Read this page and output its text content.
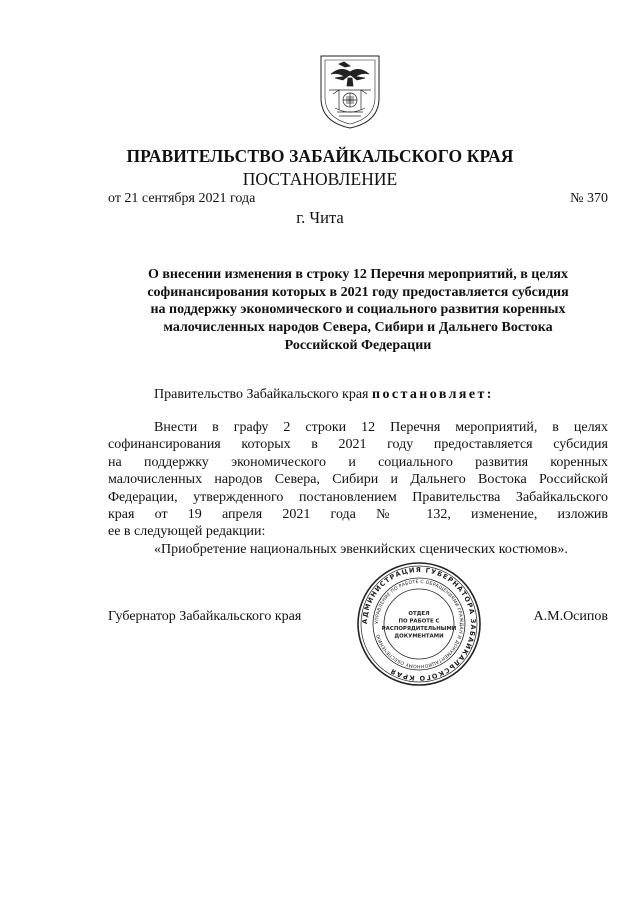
ПРАВИТЕЛЬСТВО ЗАБАЙКАЛЬСКОГО КРАЯ
ПОСТАНОВЛЕНИЕ
от 21 сентября 2021 года	№ 370
г. Чита
О внесении изменения в строку 12 Перечня мероприятий, в целях
софинансирования которых в 2021 году предоставляется субсидия
на поддержку экономического и социального развития коренных
малочисленных народов Севера, Сибири и Дальнего Востока
Российской Федерации
Правительство Забайкальского края постановляет:
Внести в графу 2 строки 12 Перечня мероприятий, в целях
софинансирования которых в 2021 году предоставляется субсидия
на поддержку экономического и социального развития коренных
малочисленных народов Севера, Сибири и Дальнего Востока Российской
Федерации, утвержденного постановлением Правительства Забайкальского
края от 19 апреля 2021 года № 132, изменение, изложив
ее в следующей редакции:
«Приобретение национальных эвенкийских сценических костюмов».
Губернатор Забайкальского края	А.М.Осипов
АДМИНИСТРАЦИЯ ГУБЕРНАТОРА ЗАБАЙКАЛЬСКОГО КРАЯ
УПРАВЛЕНИЕ ПО РАБОТЕ С ОБРАЩЕНИЯМИ ГРАЖДАН И ДОКУМЕНТАЦИОННОМУ ОБЕСПЕЧЕНИЮ
ОТДЕЛ
ПО РАБОТЕ С
РАСПОРЯДИТЕЛЬНЫМИ
ДОКУМЕНТАМИ
